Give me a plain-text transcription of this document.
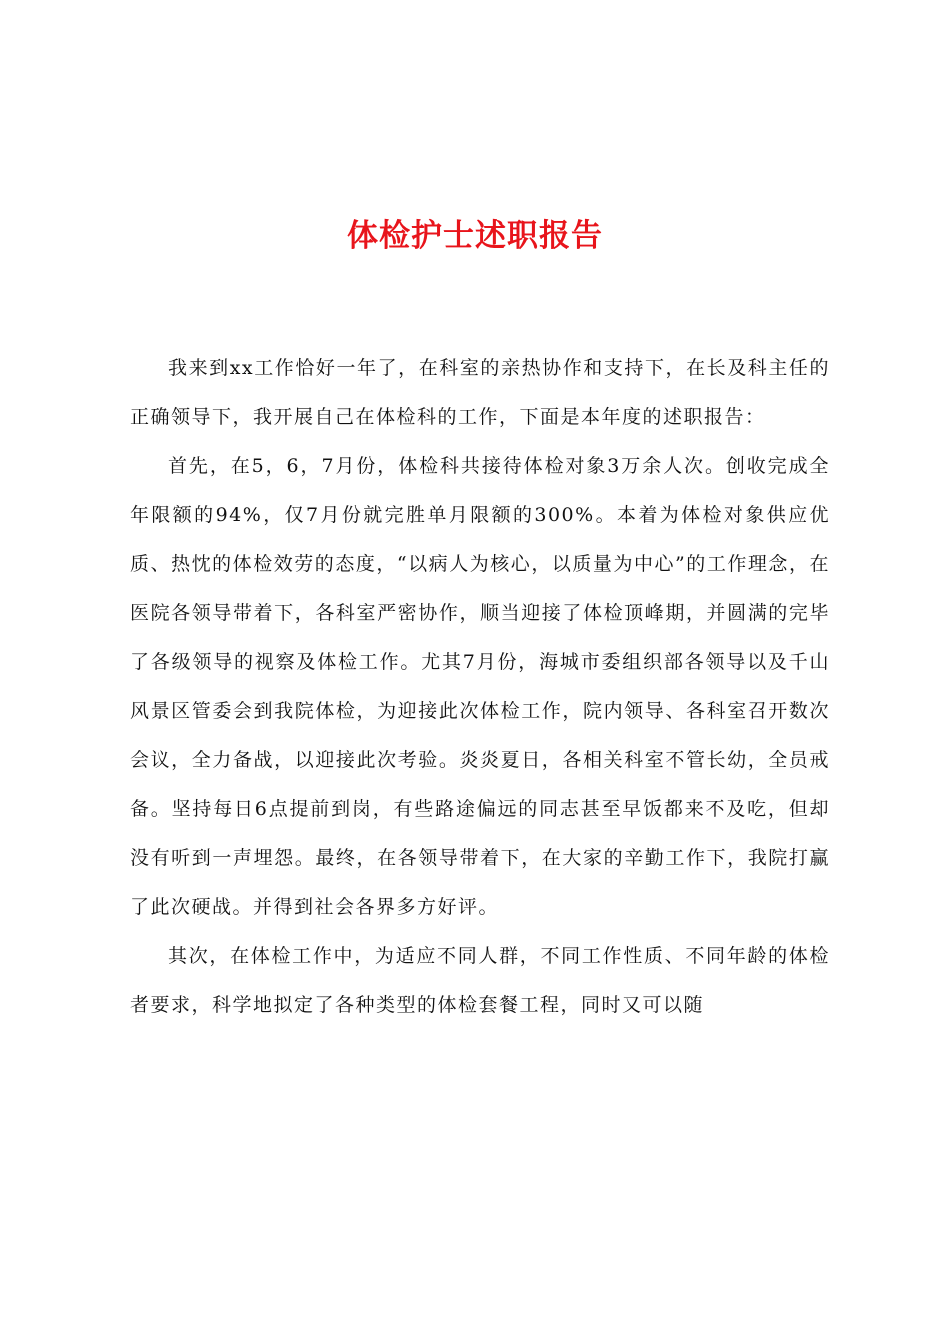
体检护士述职报告

我来到xx工作恰好一年了，在科室的亲热协作和支持下，在长及科主任的正确领导下，我开展自己在体检科的工作，下面是本年度的述职报告：

首先，在5，6，7月份，体检科共接待体检对象3万余人次。创收完成全年限额的94%，仅7月份就完胜单月限额的300%。本着为体检对象供应优质、热忱的体检效劳的态度，“以病人为核心，以质量为中心”的工作理念，在医院各领导带着下，各科室严密协作，顺当迎接了体检顶峰期，并圆满的完毕了各级领导的视察及体检工作。尤其7月份，海城市委组织部各领导以及千山风景区管委会到我院体检，为迎接此次体检工作，院内领导、各科室召开数次会议，全力备战，以迎接此次考验。炎炎夏日，各相关科室不管长幼，全员戒备。坚持每日6点提前到岗，有些路途偏远的同志甚至早饭都来不及吃，但却没有听到一声埋怨。最终，在各领导带着下，在大家的辛勤工作下，我院打赢了此次硬战。并得到社会各界多方好评。

其次，在体检工作中，为适应不同人群，不同工作性质、不同年龄的体检者要求，科学地拟定了各种类型的体检套餐工程，同时又可以随
